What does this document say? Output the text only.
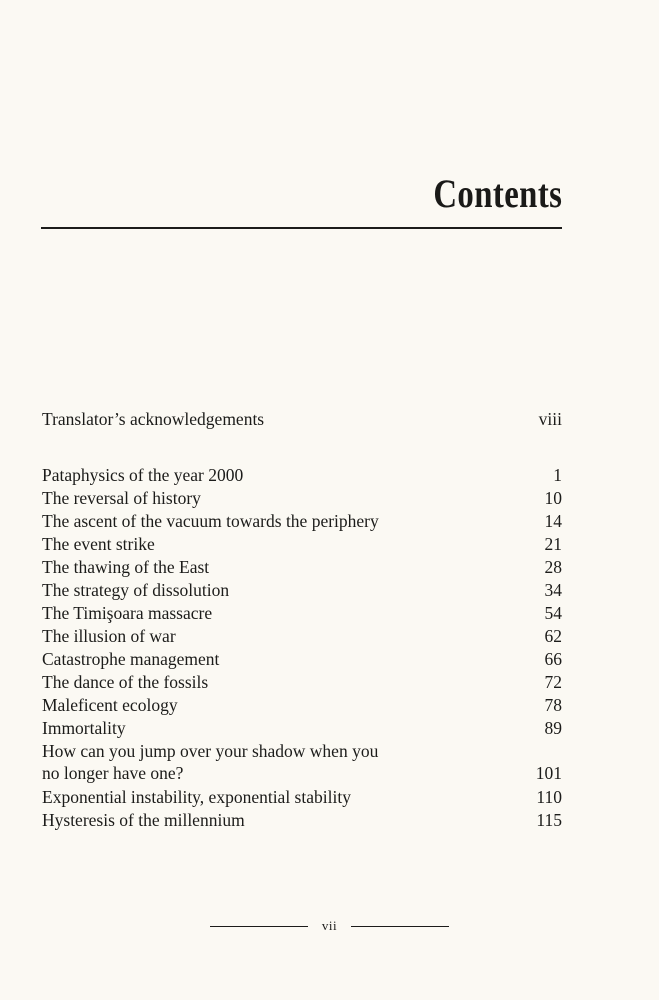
Contents
Translator’s acknowledgements	viii
Pataphysics of the year 2000	1
The reversal of history	10
The ascent of the vacuum towards the periphery	14
The event strike	21
The thawing of the East	28
The strategy of dissolution	34
The Timişoara massacre	54
The illusion of war	62
Catastrophe management	66
The dance of the fossils	72
Maleficent ecology	78
Immortality	89
How can you jump over your shadow when you
no longer have one?	101
Exponential instability, exponential stability	110
Hysteresis of the millennium	115
vii
